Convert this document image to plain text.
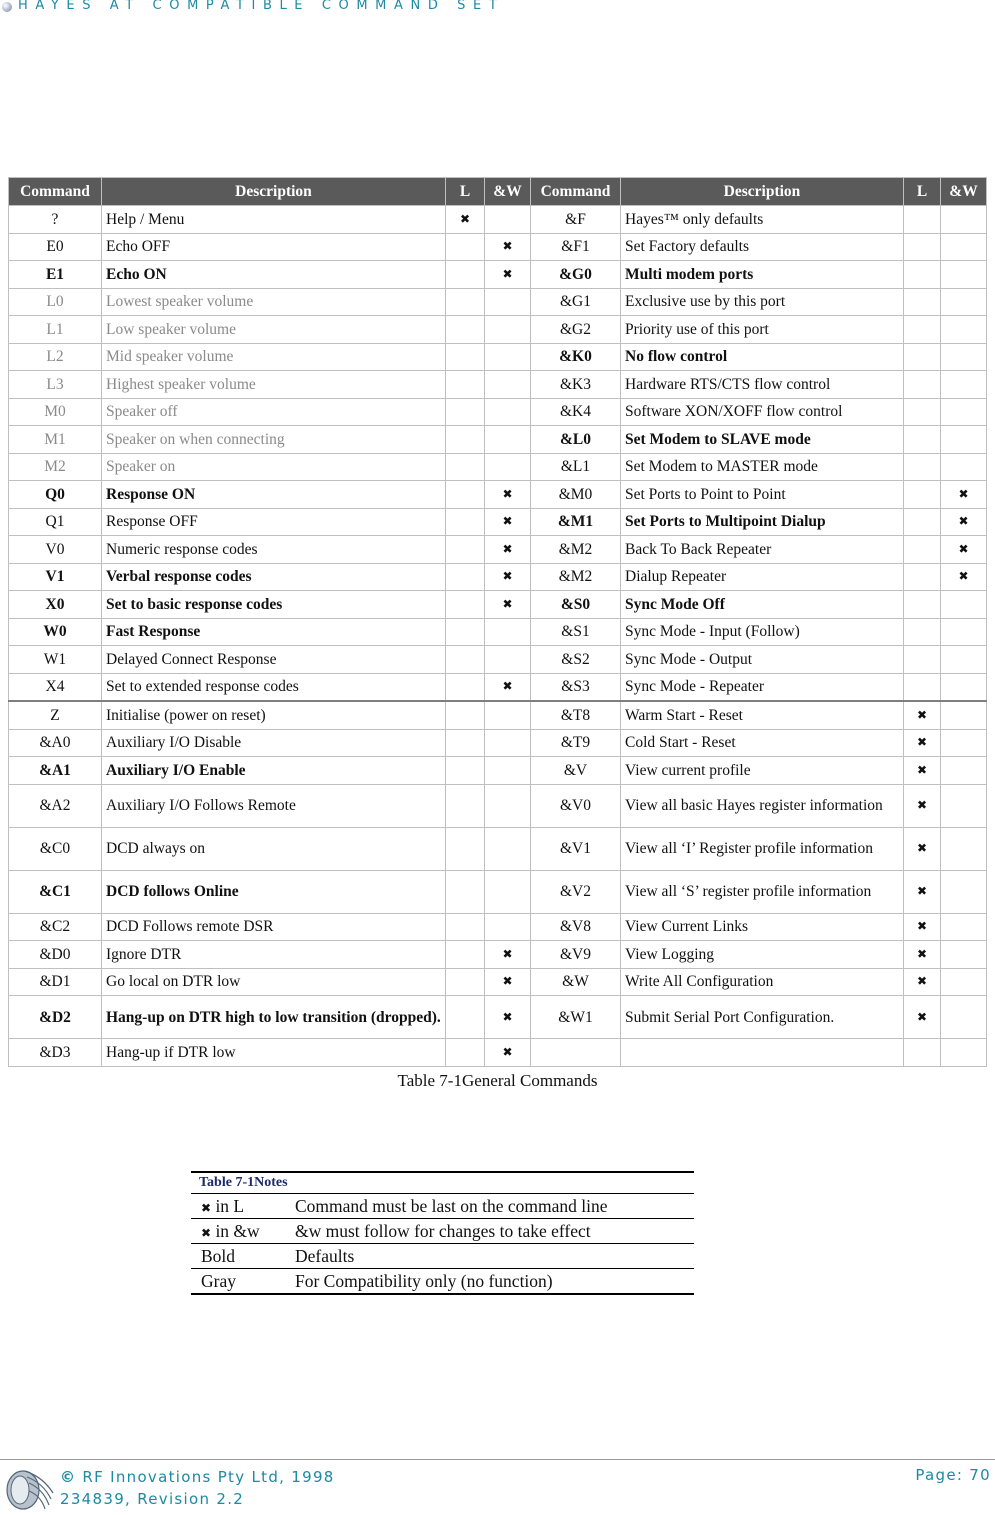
HAYES AT COMPATIBLE COMMAND SET
Command	Description	L	&W	Command	Description	L	&W
?	Help / Menu	✖		&F	Hayes™ only defaults		
E0	Echo OFF		✖	&F1	Set Factory defaults		
E1	Echo ON		✖	&G0	Multi modem ports		
L0	Lowest speaker volume			&G1	Exclusive use by this port		
L1	Low speaker volume			&G2	Priority use of this port		
L2	Mid speaker volume			&K0	No flow control		
L3	Highest speaker volume			&K3	Hardware RTS/CTS flow control		
M0	Speaker off			&K4	Software XON/XOFF flow control		
M1	Speaker on when connecting			&L0	Set Modem to SLAVE mode		
M2	Speaker on			&L1	Set Modem to MASTER mode		
Q0	Response ON		✖	&M0	Set Ports to Point to Point		✖
Q1	Response OFF		✖	&M1	Set Ports to Multipoint Dialup		✖
V0	Numeric response codes		✖	&M2	Back To Back Repeater		✖
V1	Verbal response codes		✖	&M2	Dialup Repeater		✖
X0	Set to basic response codes		✖	&S0	Sync Mode Off		
W0	Fast Response			&S1	Sync Mode - Input (Follow)		
W1	Delayed Connect Response			&S2	Sync Mode - Output		
X4	Set to extended response codes		✖	&S3	Sync Mode - Repeater		
Z	Initialise (power on reset)			&T8	Warm Start - Reset	✖	
&A0	Auxiliary I/O Disable			&T9	Cold Start - Reset	✖	
&A1	Auxiliary I/O Enable			&V	View current profile	✖	
&A2	Auxiliary I/O Follows Remote			&V0	View all basic Hayes register information	✖	
&C0	DCD always on			&V1	View all ‘I’ Register profile information	✖	
&C1	DCD follows Online			&V2	View all ‘S’ register profile information	✖	
&C2	DCD Follows remote DSR			&V8	View Current Links	✖	
&D0	Ignore DTR		✖	&V9	View Logging	✖	
&D1	Go local on DTR low		✖	&W	Write All Configuration	✖	
&D2	Hang-up on DTR high to low transition (dropped).		✖	&W1	Submit Serial Port Configuration.	✖	
&D3	Hang-up if DTR low		✖				
Table 7-1General Commands
Table 7-1Notes	
✖ in L	Command must be last on the command line
✖ in &w	&w must follow for changes to take effect
Bold	Defaults
Gray	For Compatibility only (no function)
© RF Innovations Pty Ltd, 1998
234839, Revision 2.2
Page: 70
